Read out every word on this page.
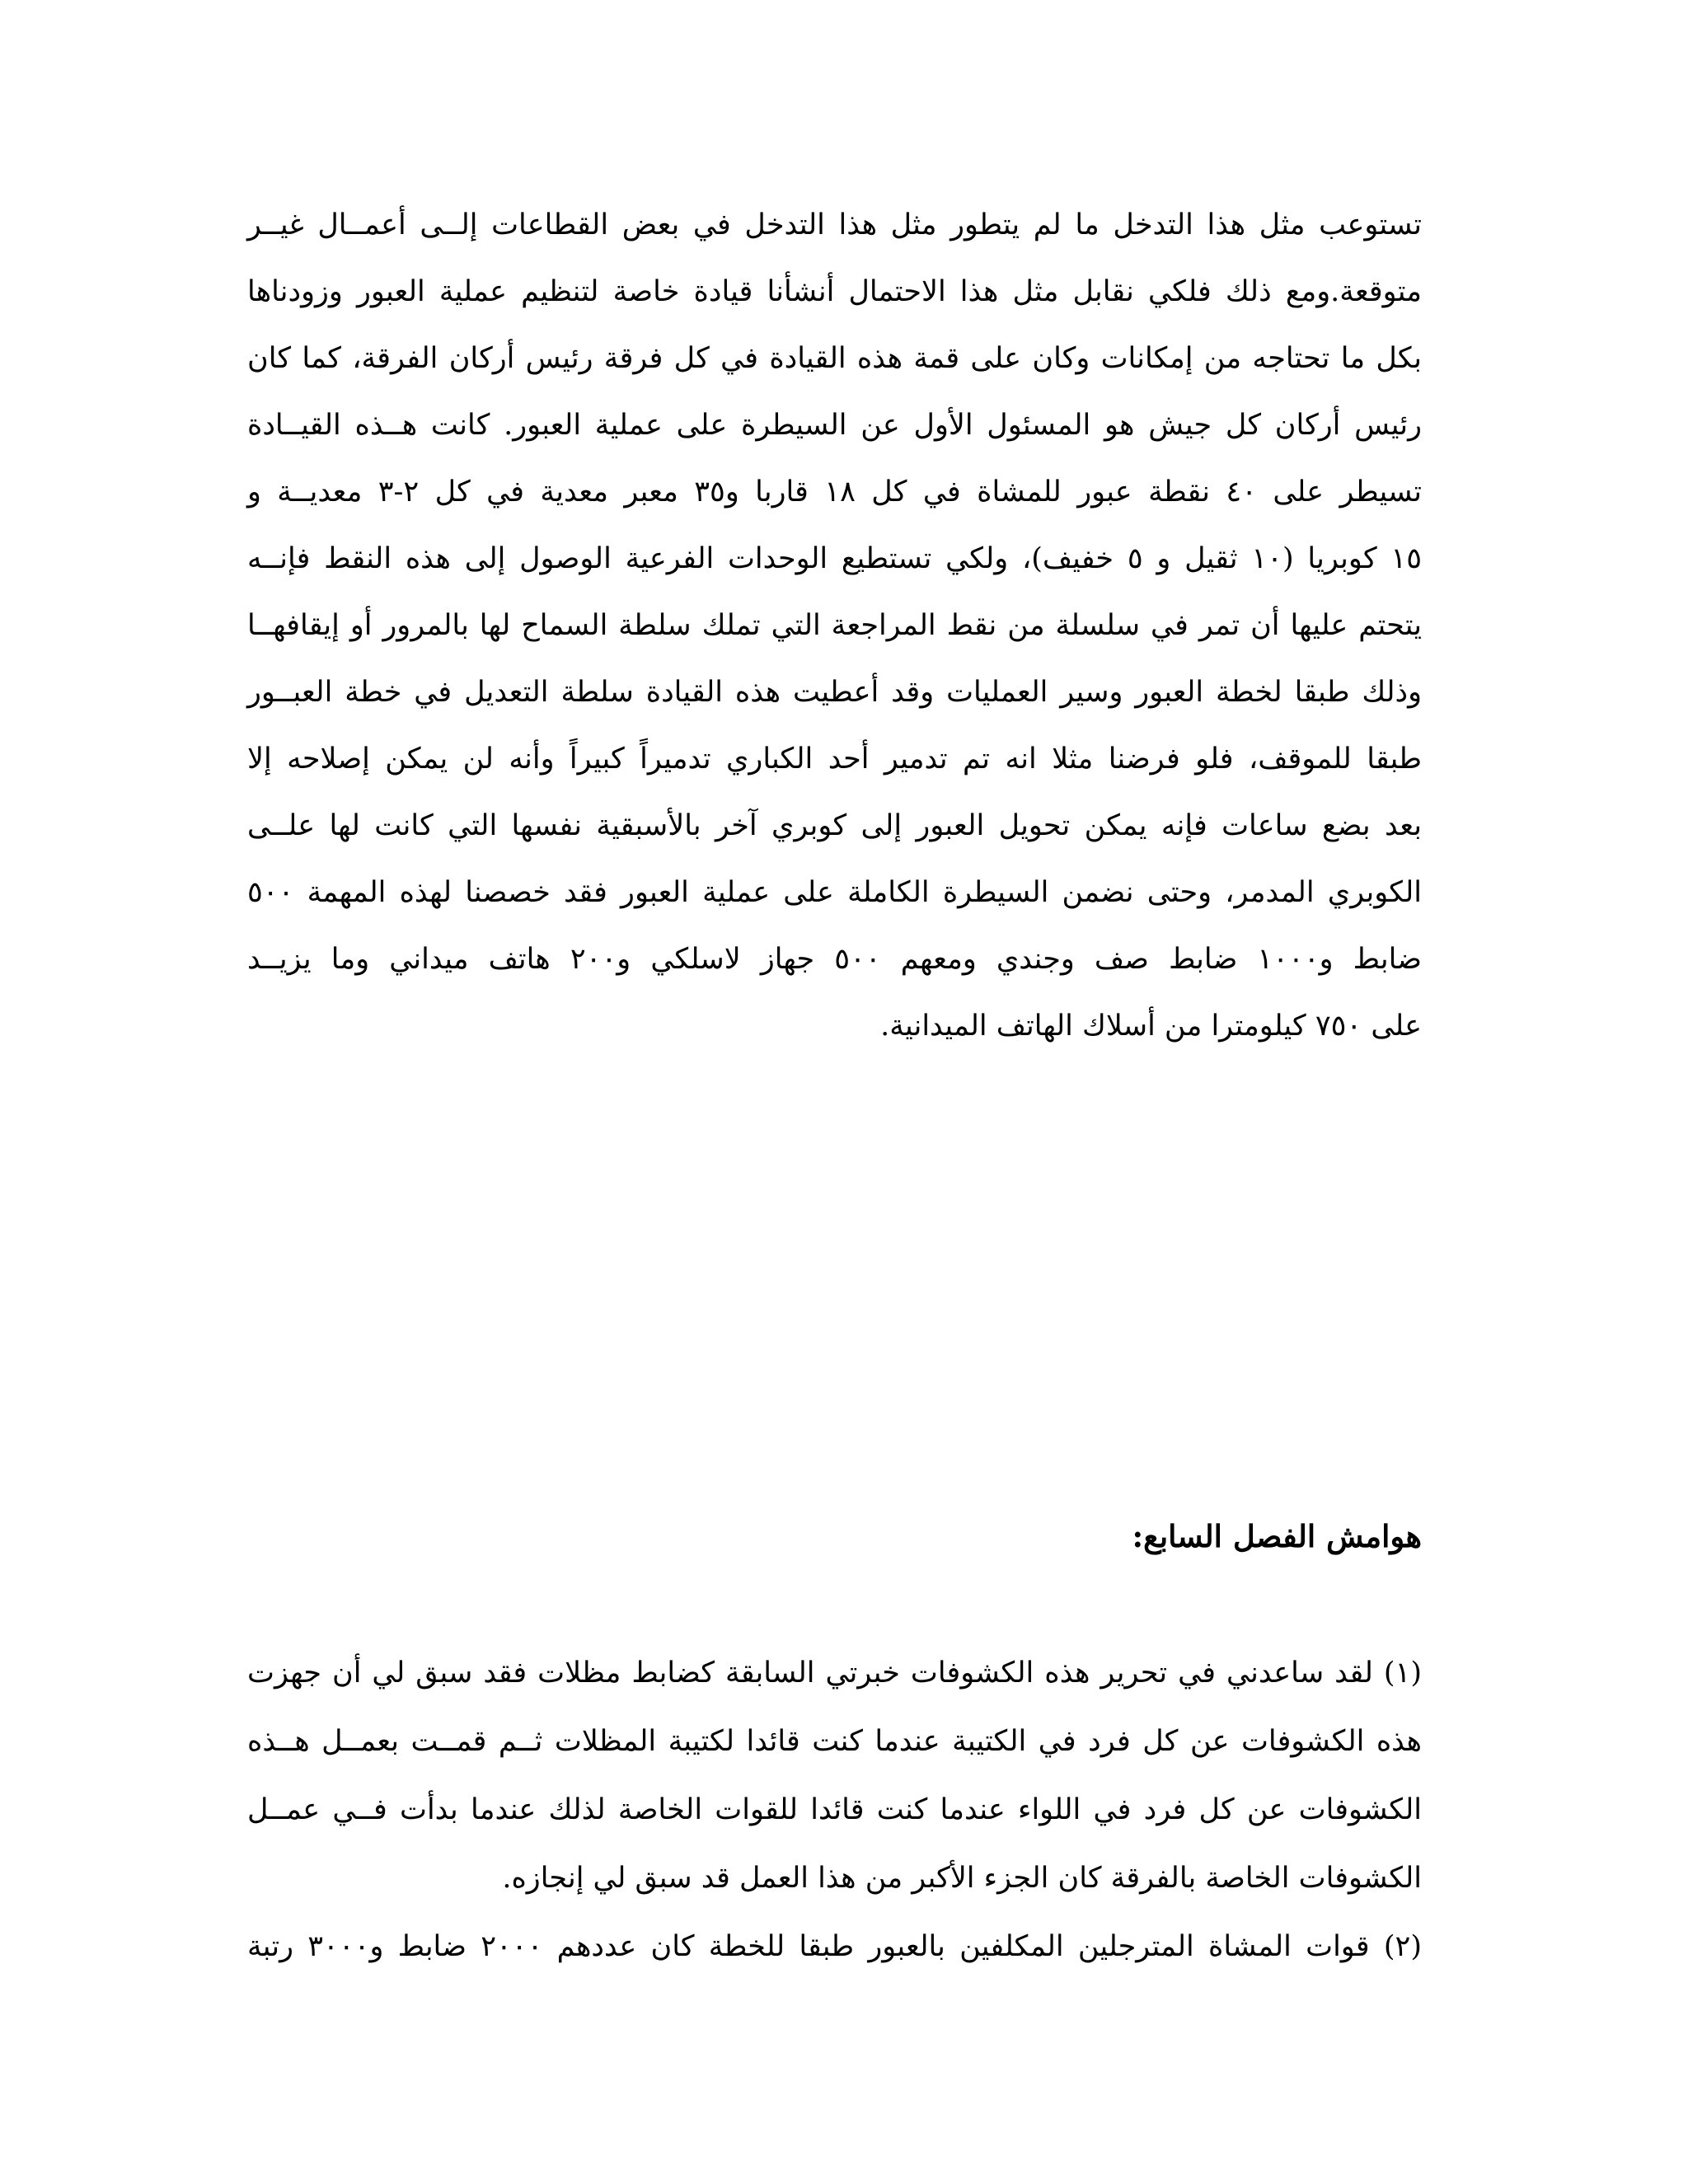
تستوعب مثل هذا التدخل ما لم يتطور مثل هذا التدخل في بعض القطاعات إلــى أعمــال غيــر
متوقعة.ومع ذلك فلكي نقابل مثل هذا الاحتمال أنشأنا قيادة خاصة لتنظيم عملية العبور وزودناها
بكل ما تحتاجه من إمكانات وكان على قمة هذه القيادة في كل فرقة رئيس أركان الفرقة، كما كان
رئيس أركان كل جيش هو المسئول الأول عن السيطرة على عملية العبور. كانت هــذه القيــادة
تسيطر على ٤٠ نقطة عبور للمشاة في كل ١٨ قاربا و٣٥ معبر معدية في كل ٢-٣ معديــة و
١٥ كوبريا (١٠ ثقيل و ٥ خفيف)، ولكي تستطيع الوحدات الفرعية الوصول إلى هذه النقط فإنــه
يتحتم عليها أن تمر في سلسلة من نقط المراجعة التي تملك سلطة السماح لها بالمرور أو إيقافهــا
وذلك طبقا لخطة العبور وسير العمليات وقد أعطيت هذه القيادة سلطة التعديل في خطة العبــور
طبقا للموقف، فلو فرضنا مثلا انه تم تدمير أحد الكباري تدميراً كبيراً وأنه لن يمكن إصلاحه إلا
بعد بضع ساعات فإنه يمكن تحويل العبور إلى كوبري آخر بالأسبقية نفسها التي كانت لها علــى
الكوبري المدمر، وحتى نضمن السيطرة الكاملة على عملية العبور فقد خصصنا لهذه المهمة ٥٠٠
ضابط و١٠٠٠ ضابط صف وجندي ومعهم ٥٠٠ جهاز لاسلكي و٢٠٠ هاتف ميداني وما يزيــد
على ٧٥٠ كيلومترا من أسلاك الهاتف الميدانية.
هوامش الفصل السابع:
(١) لقد ساعدني في تحرير هذه الكشوفات خبرتي السابقة كضابط مظلات فقد سبق لي أن جهزت
هذه الكشوفات عن كل فرد في الكتيبة عندما كنت قائدا لكتيبة المظلات ثــم قمــت بعمــل هــذه
الكشوفات عن كل فرد في اللواء عندما كنت قائدا للقوات الخاصة لذلك عندما بدأت فــي عمــل
الكشوفات الخاصة بالفرقة كان الجزء الأكبر من هذا العمل قد سبق لي إنجازه.
(٢) قوات المشاة المترجلين المكلفين بالعبور طبقا للخطة كان عددهم ٢٠٠٠ ضابط و٣٠٠٠ رتبة
